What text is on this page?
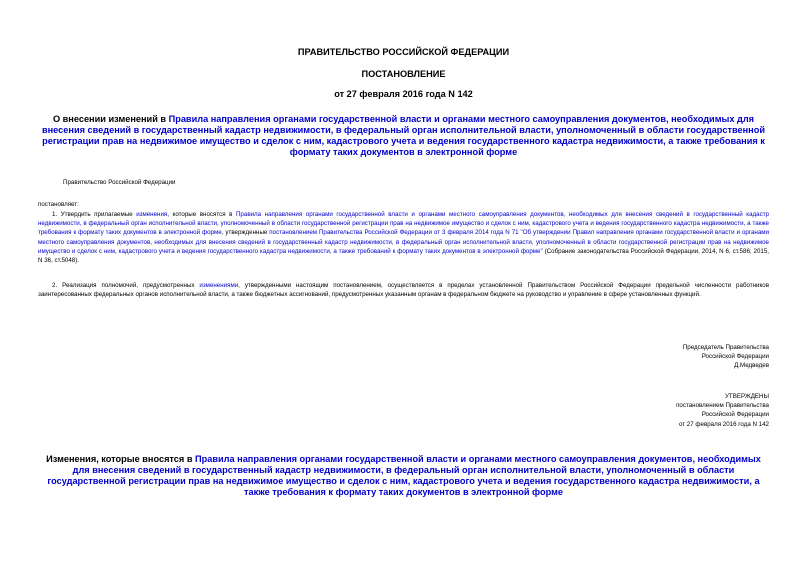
ПРАВИТЕЛЬСТВО РОССИЙСКОЙ ФЕДЕРАЦИИ
ПОСТАНОВЛЕНИЕ
от 27 февраля 2016 года N 142
О внесении изменений в Правила направления органами государственной власти и органами местного самоуправления документов, необходимых для внесения сведений в государственный кадастр недвижимости, в федеральный орган исполнительной власти, уполномоченный в области государственной регистрации прав на недвижимое имущество и сделок с ним, кадастрового учета и ведения государственного кадастра недвижимости, а также требования к формату таких документов в электронной форме
Правительство Российской Федерации
постановляет:
1. Утвердить прилагаемые изменения, которые вносятся в Правила направления органами государственной власти и органами местного самоуправления документов, необходимых для внесения сведений в государственный кадастр недвижимости, в федеральный орган исполнительной власти, уполномоченный в области государственной регистрации прав на недвижимое имущество и сделок с ним, кадастрового учета и ведения государственного кадастра недвижимости, а также требования к формату таких документов в электронной форме, утвержденные постановлением Правительства Российской Федерации от 3 февраля 2014 года N 71 "Об утверждении Правил направления органами государственной власти и органами местного самоуправления документов, необходимых для внесения сведений в государственный кадастр недвижимости, в федеральный орган исполнительной власти, уполномоченный в области государственной регистрации прав на недвижимое имущество и сделок с ним, кадастрового учета и ведения государственного кадастра недвижимости, а также требований к формату таких документов в электронной форме" (Собрание законодательства Российской Федерации, 2014, N 6, ст.586; 2015, N 36, ст.5048).
2. Реализация полномочий, предусмотренных изменениями, утвержденными настоящим постановлением, осуществляется в пределах установленной Правительством Российской Федерации предельной численности работников заинтересованных федеральных органов исполнительной власти, а также бюджетных ассигнований, предусмотренных указанным органам в федеральном бюджете на руководство и управление в сфере установленных функций.
Председатель Правительства
Российской Федерации
Д.Медведев
УТВЕРЖДЕНЫ
постановлением Правительства
Российской Федерации
от 27 февраля 2016 года N 142
Изменения, которые вносятся в Правила направления органами государственной власти и органами местного самоуправления документов, необходимых для внесения сведений в государственный кадастр недвижимости, в федеральный орган исполнительной власти, уполномоченный в области государственной регистрации прав на недвижимое имущество и сделок с ним, кадастрового учета и ведения государственного кадастра недвижимости, а также требования к формату таких документов в электронной форме
